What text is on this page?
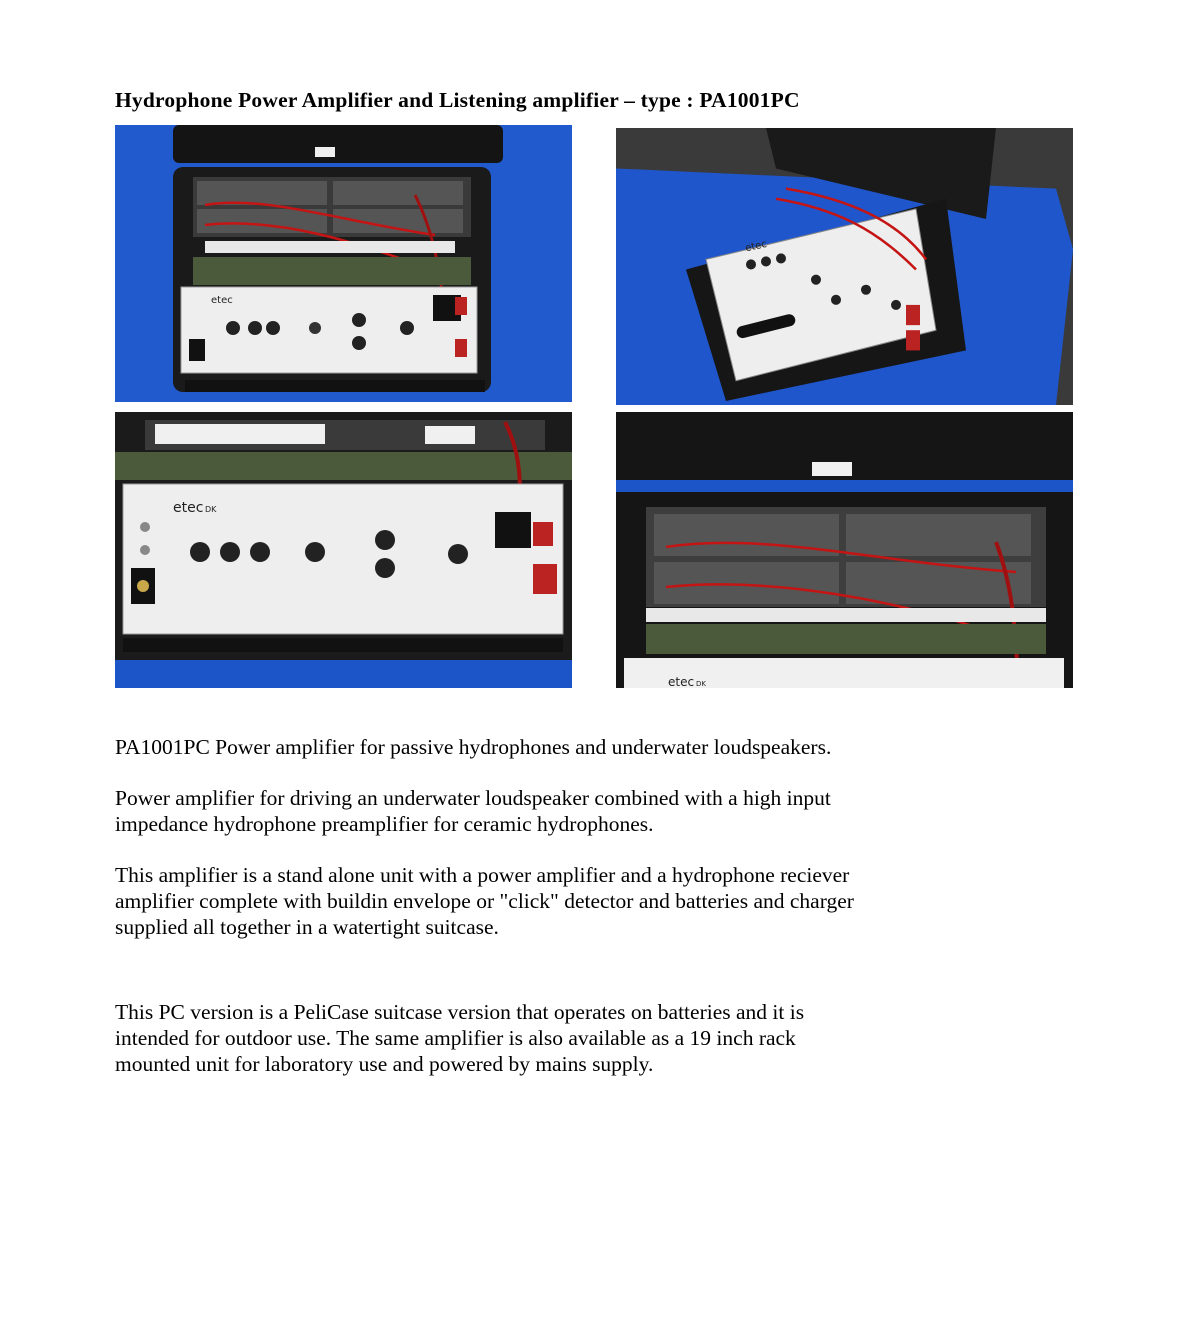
Hydrophone Power Amplifier and Listening amplifier – type : PA1001PC
etec
etec
etec DK
etec DK
PA1001PC Power amplifier for passive hydrophones and underwater loudspeakers.
Power amplifier for driving an underwater loudspeaker combined with a high input
impedance hydrophone preamplifier for ceramic hydrophones.
This amplifier is a stand alone unit with a power amplifier and a hydrophone reciever
amplifier complete with buildin envelope or "click" detector and batteries and charger
supplied all together in a watertight suitcase.
This PC version is a PeliCase suitcase version that operates on batteries and it is
intended for outdoor use. The same amplifier is also available as a 19 inch rack
mounted unit for laboratory use and powered by mains supply.
